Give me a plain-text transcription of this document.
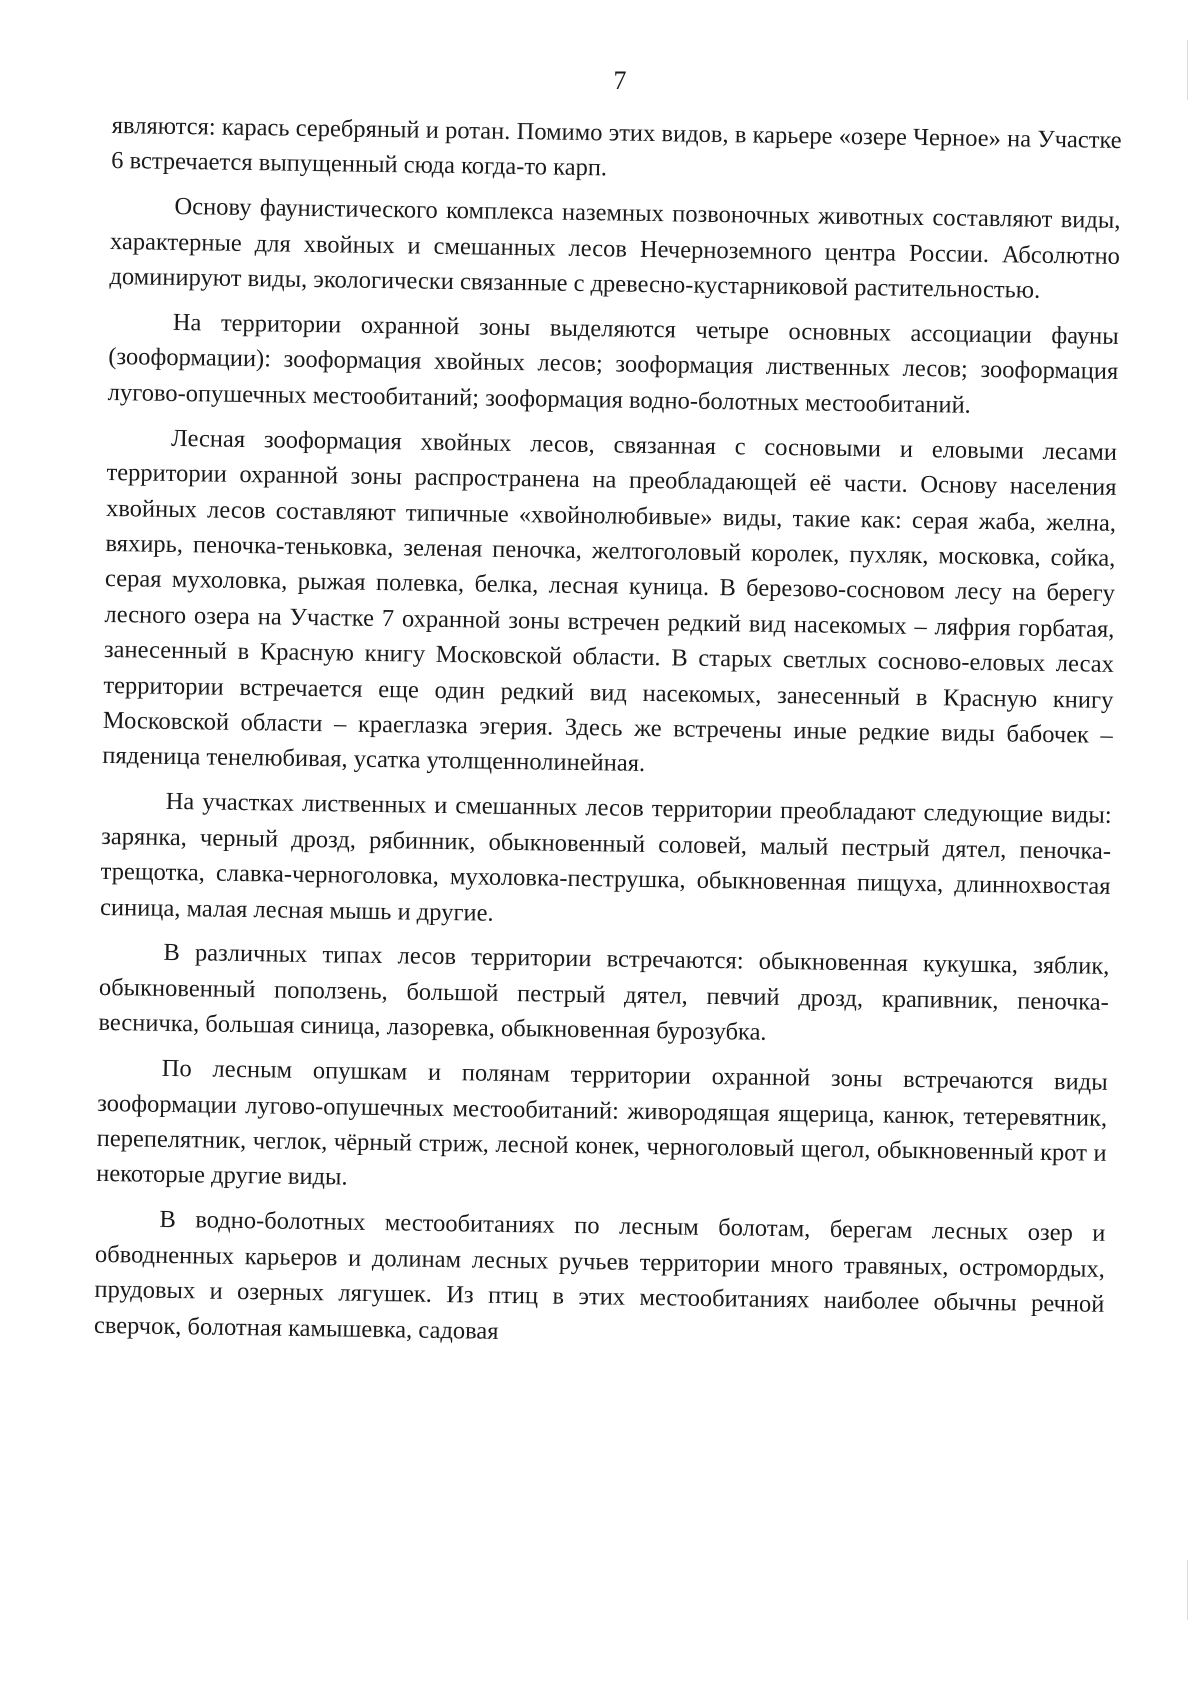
7

являются: карась серебряный и ротан. Помимо этих видов, в карьере «озере Черное» на Участке 6 встречается выпущенный сюда когда-то карп.

Основу фаунистического комплекса наземных позвоночных животных составляют виды, характерные для хвойных и смешанных лесов Нечерноземного центра России. Абсолютно доминируют виды, экологически связанные с древесно-кустарниковой растительностью.

На территории охранной зоны выделяются четыре основных ассоциации фауны (зооформации): зооформация хвойных лесов; зооформация лиственных лесов; зооформация лугово-опушечных местообитаний; зооформация водно-болотных местообитаний.

Лесная зооформация хвойных лесов, связанная с сосновыми и еловыми лесами территории охранной зоны распространена на преобладающей её части. Основу населения хвойных лесов составляют типичные «хвойнолюбивые» виды, такие как: серая жаба, желна, вяхирь, пеночка-теньковка, зеленая пеночка, желтоголовый королек, пухляк, московка, сойка, серая мухоловка, рыжая полевка, белка, лесная куница. В березово-сосновом лесу на берегу лесного озера на Участке 7 охранной зоны встречен редкий вид насекомых – ляфрия горбатая, занесенный в Красную книгу Московской области. В старых светлых сосново-еловых лесах территории встречается еще один редкий вид насекомых, занесенный в Красную книгу Московской области – краеглазка эгерия. Здесь же встречены иные редкие виды бабочек – пяденица тенелюбивая, усатка утолщеннолинейная.

На участках лиственных и смешанных лесов территории преобладают следующие виды: зарянка, черный дрозд, рябинник, обыкновенный соловей, малый пестрый дятел, пеночка-трещотка, славка-черноголовка, мухоловка-пеструшка, обыкновенная пищуха, длиннохвостая синица, малая лесная мышь и другие.

В различных типах лесов территории встречаются: обыкновенная кукушка, зяблик, обыкновенный поползень, большой пестрый дятел, певчий дрозд, крапивник, пеночка-весничка, большая синица, лазоревка, обыкновенная бурозубка.

По лесным опушкам и полянам территории охранной зоны встречаются виды зооформации лугово-опушечных местообитаний: живородящая ящерица, канюк, тетеревятник, перепелятник, чеглок, чёрный стриж, лесной конек, черноголовый щегол, обыкновенный крот и некоторые другие виды.

В водно-болотных местообитаниях по лесным болотам, берегам лесных озер и обводненных карьеров и долинам лесных ручьев территории много травяных, остромордых, прудовых и озерных лягушек. Из птиц в этих местообитаниях наиболее обычны речной сверчок, болотная камышевка, садовая
